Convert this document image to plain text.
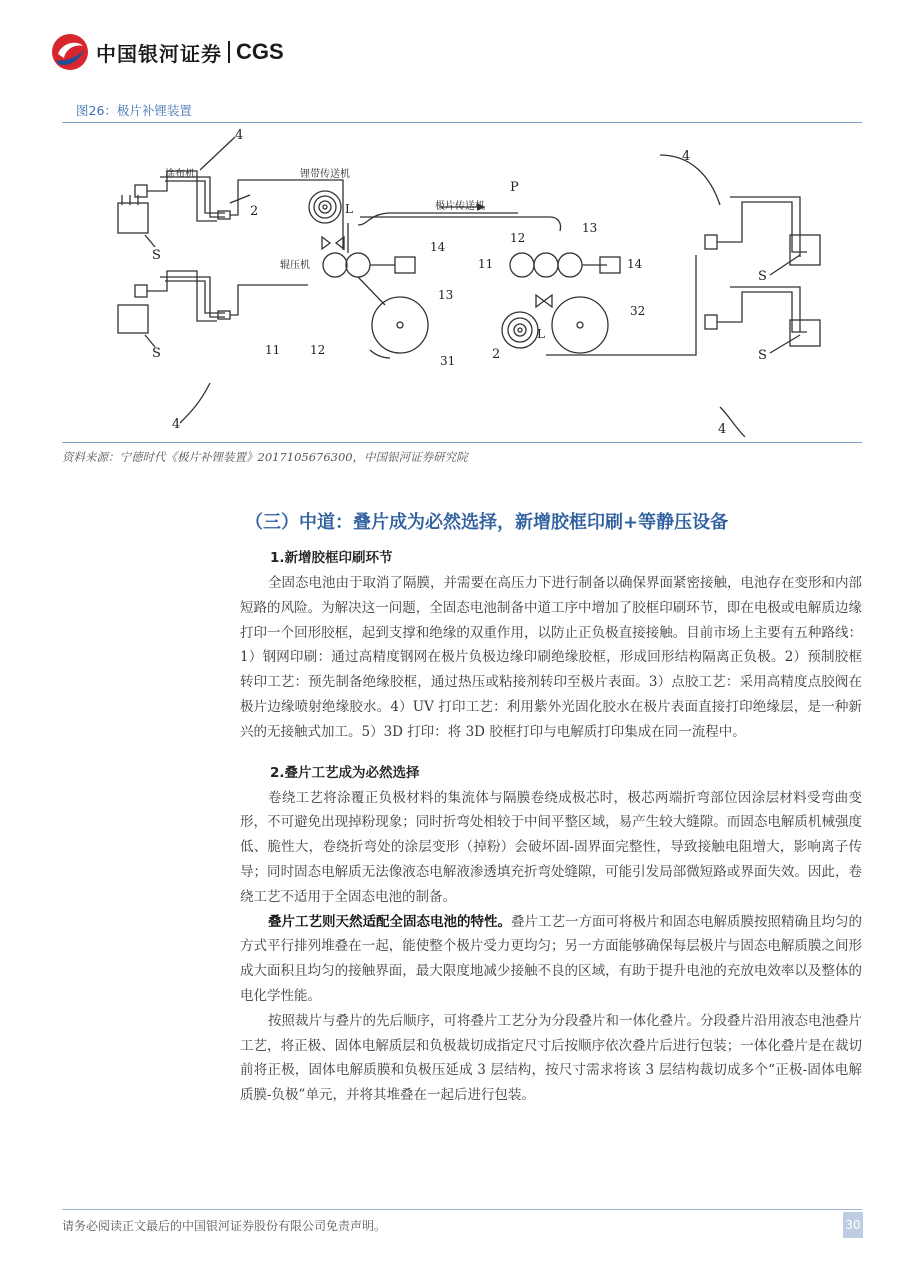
中国银河证券 CGS
图26：极片补锂装置
4
涂布机	锂带传送机
2	L
辊压机
极片传送机
P
14
13
S
S	11 12
31
4
12
13
11	14
L
2
32
4
S
S
4
资料来源：宁德时代《极片补锂装置》2017105676300，中国银河证券研究院
（三）中道：叠片成为必然选择，新增胶框印刷+等静压设备

1.新增胶框印刷环节

全固态电池由于取消了隔膜，并需要在高压力下进行制备以确保界面紧密接触，电池存在变形和内部短路的风险。为解决这一问题，全固态电池制备中道工序中增加了胶框印刷环节，即在电极或电解质边缘打印一个回形胶框，起到支撑和绝缘的双重作用，以防止正负极直接接触。目前市场上主要有五种路线：1）钢网印刷：通过高精度钢网在极片负极边缘印刷绝缘胶框，形成回形结构隔离正负极。2）预制胶框转印工艺：预先制备绝缘胶框，通过热压或粘接剂转印至极片表面。3）点胶工艺：采用高精度点胶阀在极片边缘喷射绝缘胶水。4）UV 打印工艺：利用紫外光固化胶水在极片表面直接打印绝缘层，是一种新兴的无接触式加工。5）3D 打印：将 3D 胶框打印与电解质打印集成在同一流程中。

2.叠片工艺成为必然选择

卷绕工艺将涂覆正负极材料的集流体与隔膜卷绕成极芯时，极芯两端折弯部位因涂层材料受弯曲变形，不可避免出现掉粉现象；同时折弯处相较于中间平整区域，易产生较大缝隙。而固态电解质机械强度低、脆性大，卷绕折弯处的涂层变形（掉粉）会破坏固-固界面完整性，导致接触电阻增大，影响离子传导；同时固态电解质无法像液态电解液渗透填充折弯处缝隙，可能引发局部微短路或界面失效。因此，卷绕工艺不适用于全固态电池的制备。

叠片工艺则天然适配全固态电池的特性。叠片工艺一方面可将极片和固态电解质膜按照精确且均匀的方式平行排列堆叠在一起，能使整个极片受力更均匀；另一方面能够确保每层极片与固态电解质膜之间形成大面积且均匀的接触界面，最大限度地减少接触不良的区域，有助于提升电池的充放电效率以及整体的电化学性能。

按照裁片与叠片的先后顺序，可将叠片工艺分为分段叠片和一体化叠片。分段叠片沿用液态电池叠片工艺，将正极、固体电解质层和负极裁切成指定尺寸后按顺序依次叠片后进行包装；一体化叠片是在裁切前将正极，固体电解质膜和负极压延成 3 层结构，按尺寸需求将该 3 层结构裁切成多个“正极-固体电解质膜-负极”单元，并将其堆叠在一起后进行包装。

请务必阅读正文最后的中国银河证券股份有限公司免责声明。	30
